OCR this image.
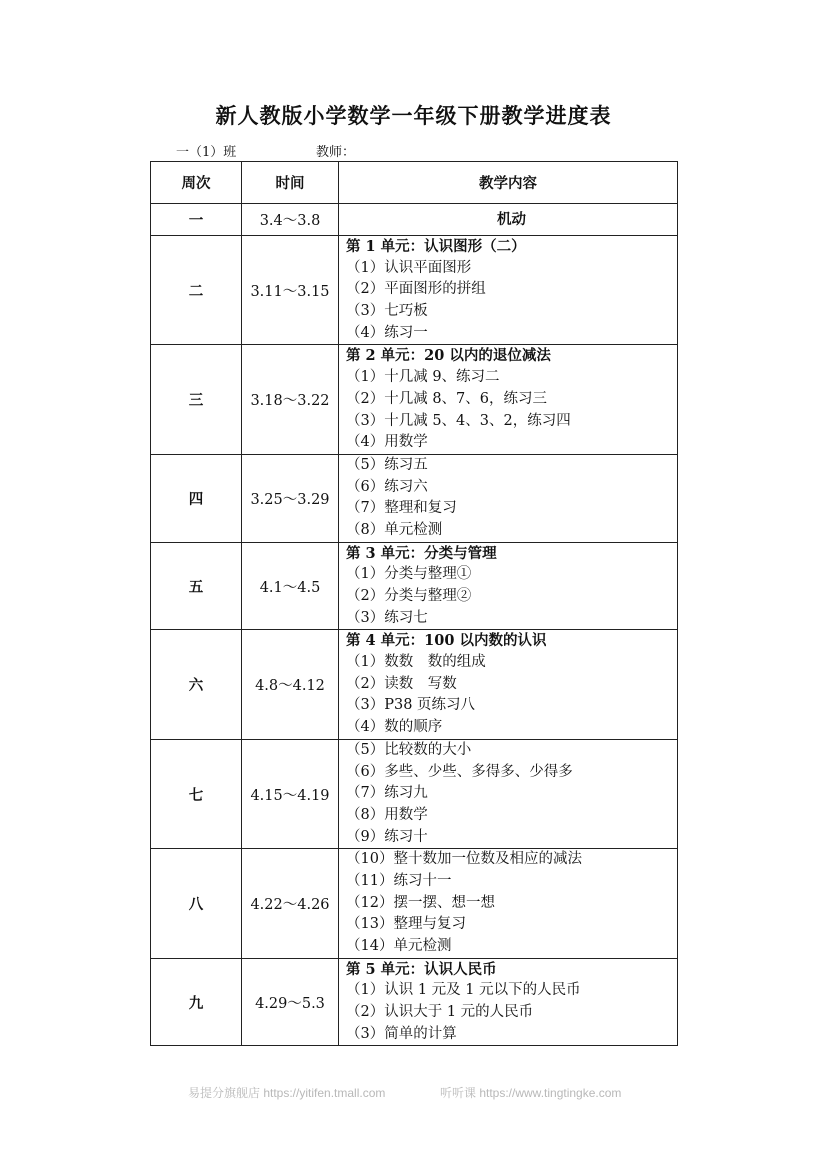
新人教版小学数学一年级下册教学进度表
一（1）班	教师：
周次	时间	教学内容
一	3.4～3.8	机动

二	3.11～3.15	第 1 单元：认识图形（二）
（1）认识平面图形
（2）平面图形的拼组
（3）七巧板
（4）练习一

三	3.18～3.22	第 2 单元：20 以内的退位减法
（1）十几减 9、练习二
（2）十几减 8、7、6，练习三
（3）十几减 5、4、3、2，练习四
（4）用数学

四	3.25～3.29	（5）练习五
（6）练习六
（7）整理和复习
（8）单元检测

五	4.1～4.5	第 3 单元：分类与管理
（1）分类与整理①
（2）分类与整理②
（3）练习七

六	4.8～4.12	第 4 单元：100 以内数的认识
（1）数数　数的组成
（2）读数　写数
（3）P38 页练习八
（4）数的顺序

七	4.15～4.19	（5）比较数的大小
（6）多些、少些、多得多、少得多
（7）练习九
（8）用数学
（9）练习十

八	4.22～4.26	（10）整十数加一位数及相应的减法
（11）练习十一
（12）摆一摆、想一想
（13）整理与复习
（14）单元检测

九	4.29～5.3	第 5 单元：认识人民币
（1）认识 1 元及 1 元以下的人民币
（2）认识大于 1 元的人民币
（3）简单的计算
易提分旗舰店 https://yitifen.tmall.com	听听课 https://www.tingtingke.com
